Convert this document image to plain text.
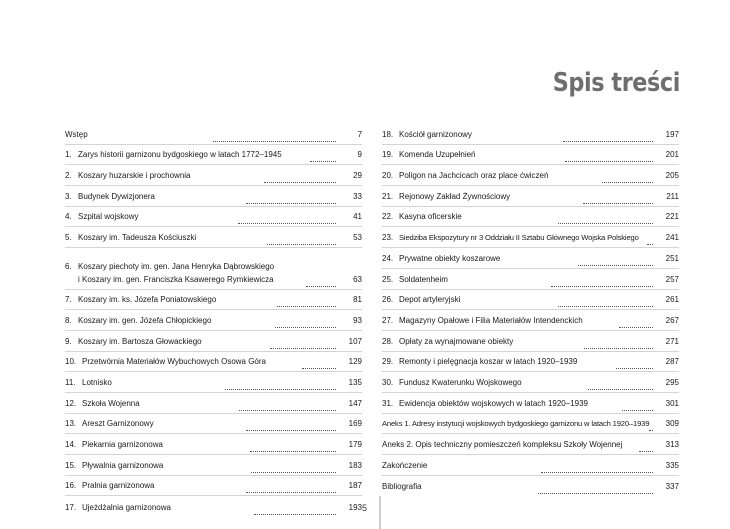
Spis treści
Wstęp	7
1. Zarys historii garnizonu bydgoskiego w latach 1772–1945	9
2. Koszary huzarskie i prochownia	29
3. Budynek Dywizjonera	33
4. Szpital wojskowy	41
5. Koszary im. Tadeusza Kościuszki	53
6. Koszary piechoty im. gen. Jana Henryka Dąbrowskiego
i Koszary im. gen. Franciszka Ksawerego Rymkiewicza	63
7. Koszary im. ks. Józefa Poniatowskiego	81
8. Koszary im. gen. Józefa Chłopickiego	93
9. Koszary im. Bartosza Głowackiego	107
10. Przetwórnia Materiałów Wybuchowych Osowa Góra	129
11. Lotnisko	135
12. Szkoła Wojenna	147
13. Areszt Garnizonowy	169
14. Piekarnia garnizonowa	179
15. Pływalnia garnizonowa	183
16. Pralnia garnizonowa	187
17. Ujeżdżalnia garnizonowa	193
18. Kościół garnizonowy	197
19. Komenda Uzupełnień	201
20. Poligon na Jachcicach oraz place ćwiczeń	205
21. Rejonowy Zakład Żywnościowy	211
22. Kasyna oficerskie	221
23. Siedziba Ekspozytury nr 3 Oddziału II Sztabu Głównego Wojska Polskiego	241
24. Prywatne obiekty koszarowe	251
25. Soldatenheim	257
26. Depot artyleryjski	261
27. Magazyny Opałowe i Filia Materiałów Intendenckich	267
28. Opłaty za wynajmowane obiekty	271
29. Remonty i pielęgnacja koszar w latach 1920–1939	287
30. Fundusz Kwaterunku Wojskowego	295
31. Ewidencja obiektów wojskowych w latach 1920–1939	301
Aneks 1. Adresy instytucji wojskowych bydgoskiego garnizonu w latach 1920–1939	309
Aneks 2. Opis techniczny pomieszczeń kompleksu Szkoły Wojennej	313
Zakończenie	335
Bibliografia	337
5
